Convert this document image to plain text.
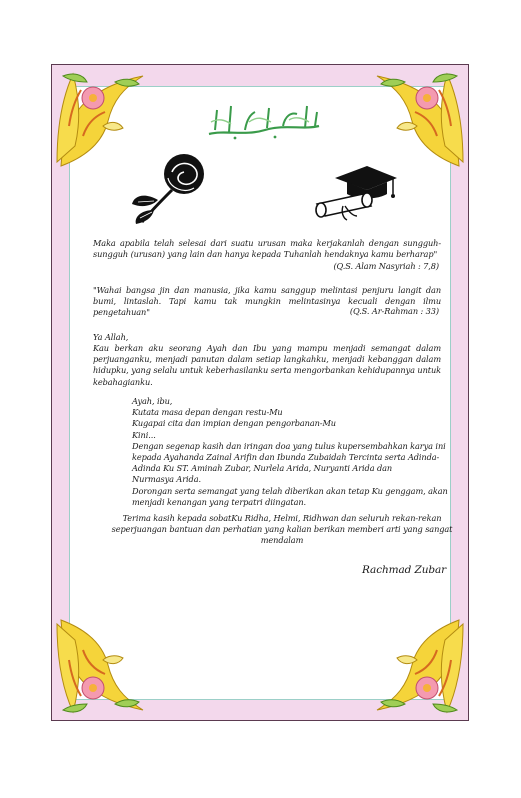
Maka apabila telah selesai dari suatu urusan maka kerjakanlah dengan sungguh-sungguh (urusan) yang lain dan hanya kepada Tuhanlah hendaknya kamu berharap"
(Q.S. Alam Nasyriah : 7,8)
"Wahai bangsa jin dan manusia, jika kamu sanggup melintasi penjuru langit dan bumi, lintaslah. Tapi kamu tak mungkin melintasinya kecuali dengan ilmu pengetahuan"	(Q.S. Ar-Rahman : 33)
Ya Allah,
Kau berkan aku seorang Ayah dan Ibu yang mampu menjadi semangat dalam perjuanganku, menjadi panutan dalam setiap langkahku, menjadi kebanggan dalam hidupku, yang selalu untuk keberhasilanku serta mengorbankan kehidupannya untuk kebahagianku.
Ayah, ibu,
Kutata masa depan dengan restu-Mu
Kugapai cita dan impian dengan pengorbanan-Mu
Kini...
Dengan segenap kasih dan iringan doa yang tulus kupersembahkan karya ini
kepada Ayahanda Zainal Arifin dan Ibunda Zubaidah Tercinta serta Adinda-
Adinda Ku ST. Aminah Zubar, Nurlela Arida, Nuryanti Arida dan
Nurmasya Arida.
Dorongan serta semangat yang telah diberikan akan tetap Ku genggam, akan
menjadi kenangan yang terpatri diingatan.
Terima kasih kepada sobatKu Ridha, Helmi, Ridhwan dan seluruh rekan-rekan seperjuangan bantuan dan perhatian yang kalian berikan memberi arti yang sangat mendalam
Rachmad Zubar
